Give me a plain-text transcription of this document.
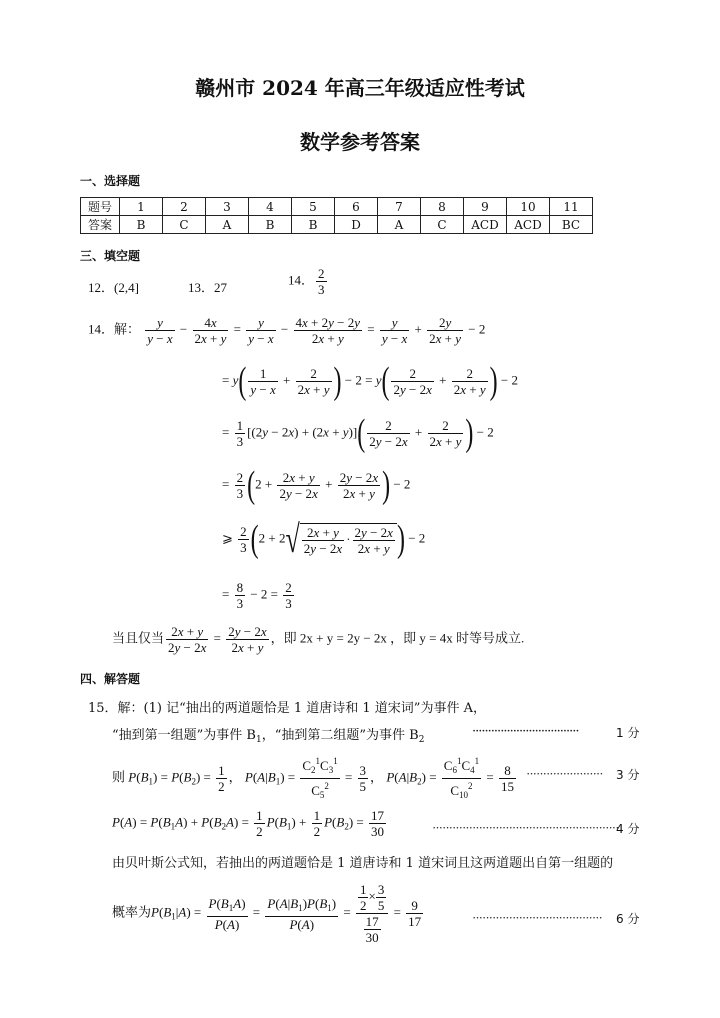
赣州市 2024 年高三年级适应性考试
数学参考答案
一、选择题
题号	1	2	3	4	5	6	7	8	9	10	11
答案	B	C	A	B	B	D	A	C	ACD	ACD	BC
三、填空题
12．(2,4]	13．27
14． $\frac{2}{3}$
14．解： $\frac{y}{y - x} - \frac{4x}{2x + y} = \frac{y}{y - x} - \frac{4x + 2y - 2y}{2x + y} = \frac{y}{y - x} + \frac{2y}{2x + y} - 2$
= $y( \frac{1}{y - x} + \frac{2}{2x + y}$ ) − $2 = y( \frac{2}{2y - 2x} + \frac{2}{2x + y}$ ) − 2
= $\frac{1}{3} [(2y - 2x) + (2x + y)]( \frac{2}{2y - 2x} + \frac{2}{2x + y}$ ) − 2
= $\frac{2}{3} (2 + \frac{2x + y}{2y - 2x} + \frac{2y - 2x}{2x + y}$ ) − 2
⩾ $\frac{2}{3} (2 + 2√ \frac{2x + y}{2y - 2x} \cdot \frac{2y - 2x}{2x + y}$ ) − 2
= $\frac{8}{3} - 2 = \frac{2}{3}$
当且仅当 $\frac{2x + y}{2y - 2x} = \frac{2y - 2x}{2x + y}$ ，即 2x + y = 2y − 2x ，即 y = 4x 时等号成立.
四、解答题
15．解：(1) 记“抽出的两道题恰是 1 道唐诗和 1 道宋词”为事件 A，
“抽到第一组题”为事件 $B_1$，“抽到第二组题”为事件 $B_2$
··································	1 分
则 $P(B_1) = P(B_2) = \frac{1}{2}$ ， $P(A|B_1) = \frac{C_2^1C_3^1}{C_5^2} = \frac{3}{5}$ ， $P(A|B_2) = \frac{C_6^1C_4^1}{C_{10}^2} = \frac{8}{15}$ ······················· 3 分
$P(A) = P(B_1A) + P(B_2A) = \frac{1}{2} P(B_1) + \frac{1}{2} P(B_2) = \frac{17}{30}$	························································
4 分
由贝叶斯公式知，若抽出的两道题恰是 1 道唐诗和 1 道宋词且这两道题出自第一组题的
概率为$P(B_1|A) = \frac{P(B_1A)}{P(A)} = \frac{P(A|B_1)P(B_1)}{P(A)} = \frac{\frac{1}{2} \times \frac{3}{5}}{\frac{17}{30}} = \frac{9}{17}$	······································· 6 分
